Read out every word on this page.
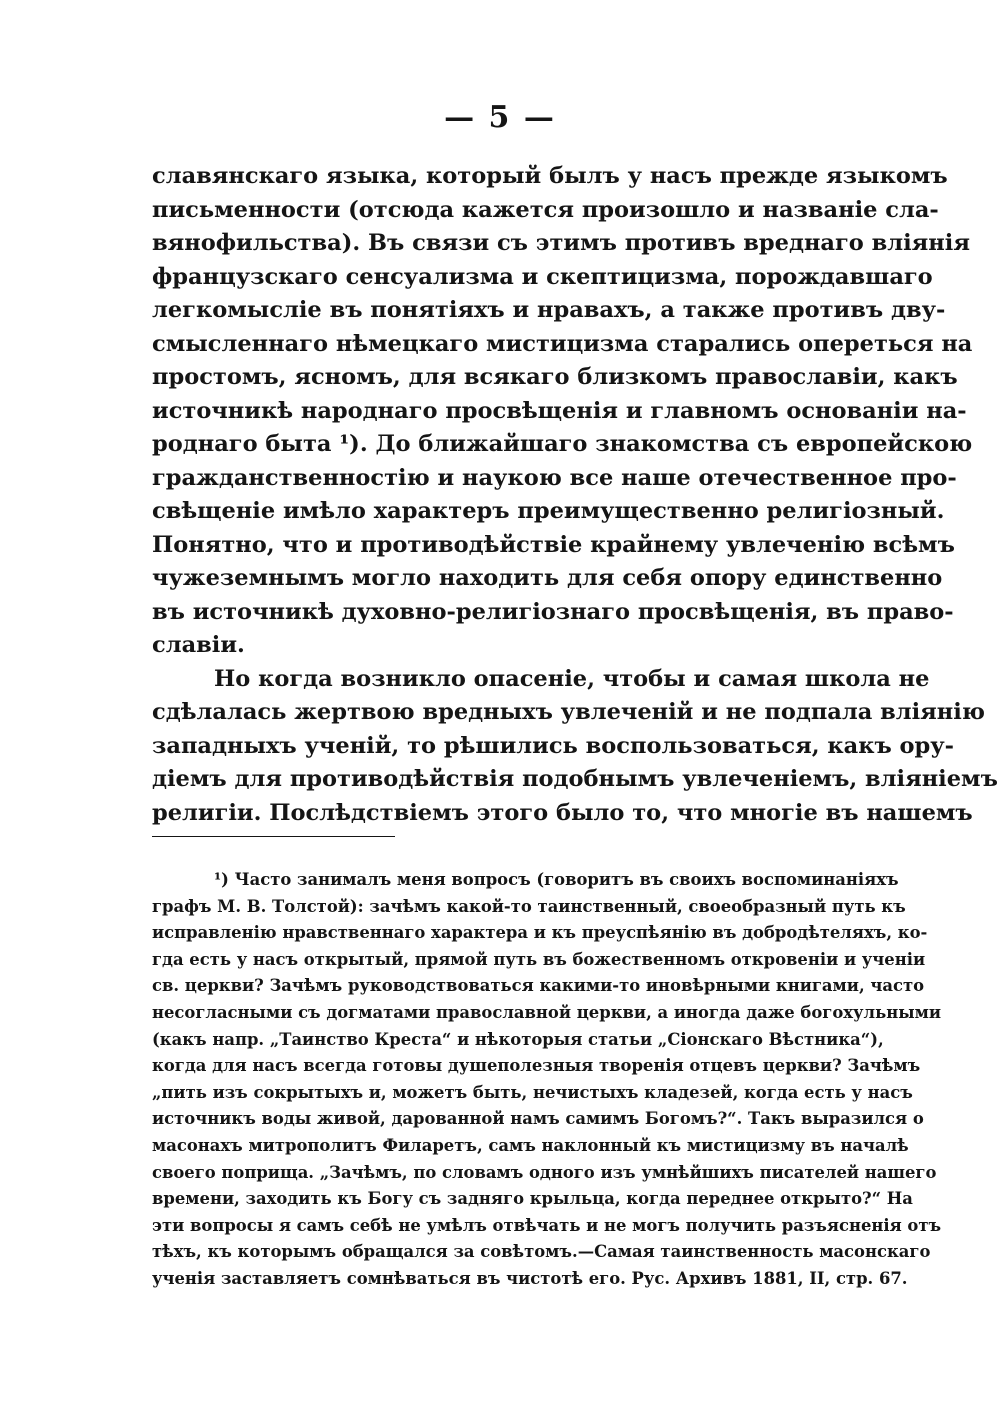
— 5 —
славянскаго языка, который былъ у насъ прежде языкомъ
письменности (отсюда кажется произошло и названіе сла-
вянофильства). Въ связи съ этимъ противъ вреднаго вліянія
французскаго сенсуализма и скептицизма, порождавшаго
легкомысліе въ понятіяхъ и нравахъ, а также противъ дву-
смысленнаго нѣмецкаго мистицизма старались опереться на
простомъ, ясномъ, для всякаго близкомъ православіи, какъ
источникѣ народнаго просвѣщенія и главномъ основаніи на-
роднаго быта ¹). До ближайшаго знакомства съ европейскою
гражданственностію и наукою все наше отечественное про-
свѣщеніе имѣло характеръ преимущественно религіозный.
Понятно, что и противодѣйствіе крайнему увлеченію всѣмъ
чужеземнымъ могло находить для себя опору единственно
въ источникѣ духовно-религіознаго просвѣщенія, въ право-
славіи.
Но когда возникло опасеніе, чтобы и самая школа не
сдѣлалась жертвою вредныхъ увлеченій и не подпала вліянію
западныхъ ученій, то рѣшились воспользоваться, какъ ору-
діемъ для противодѣйствія подобнымъ увлеченіемъ, вліяніемъ
религіи. Послѣдствіемъ этого было то, что многіе въ нашемъ
¹) Часто занималъ меня вопросъ (говоритъ въ своихъ воспоминаніяхъ
графъ М. В. Толстой): зачѣмъ какой-то таинственный, своеобразный путь къ
исправленію нравственнаго характера и къ преуспѣянію въ добродѣтеляхъ, ко-
гда есть у насъ открытый, прямой путь въ божественномъ откровеніи и ученіи
св. церкви? Зачѣмъ руководствоваться какими-то иновѣрными книгами, часто
несогласными съ догматами православной церкви, а иногда даже богохульными
(какъ напр. „Таинство Креста“ и нѣкоторыя статьи „Сіонскаго Вѣстника“),
когда для насъ всегда готовы душеполезныя творенія отцевъ церкви? Зачѣмъ
„пить изъ сокрытыхъ и, можетъ быть, нечистыхъ кладезей, когда есть у насъ
источникъ воды живой, дарованной намъ самимъ Богомъ?“. Такъ выразился о
масонахъ митрополитъ Филаретъ, самъ наклонный къ мистицизму въ началѣ
своего поприща. „Зачѣмъ, по словамъ одного изъ умнѣйшихъ писателей нашего
времени, заходить къ Богу съ задняго крыльца, когда переднее открыто?“ На
эти вопросы я самъ себѣ не умѣлъ отвѣчать и не могъ получить разъясненія отъ
тѣхъ, къ которымъ обращался за совѣтомъ.—Самая таинственность масонскаго
ученія заставляетъ сомнѣваться въ чистотѣ его. Рус. Архивъ 1881, II, стр. 67.
